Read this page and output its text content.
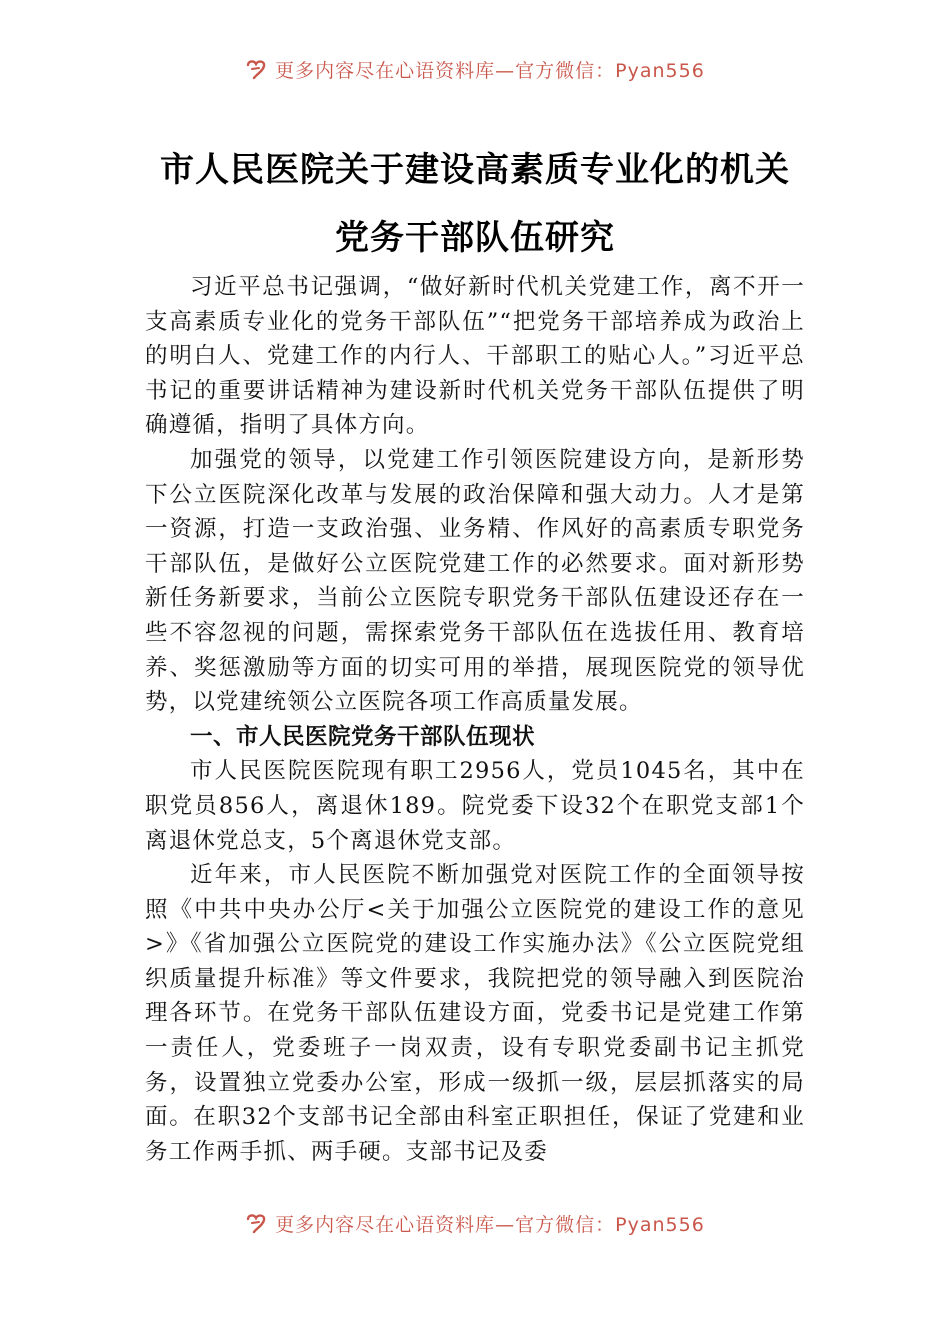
更多内容尽在心语资料库—官方微信：Pyan556
市人民医院关于建设高素质专业化的机关
党务干部队伍研究

习近平总书记强调，“做好新时代机关党建工作，离不开一支高素质专业化的党务干部队伍”“把党务干部培养成为政治上的明白人、党建工作的内行人、干部职工的贴心人。”习近平总书记的重要讲话精神为建设新时代机关党务干部队伍提供了明确遵循，指明了具体方向。

加强党的领导，以党建工作引领医院建设方向，是新形势下公立医院深化改革与发展的政治保障和强大动力。人才是第一资源，打造一支政治强、业务精、作风好的高素质专职党务干部队伍，是做好公立医院党建工作的必然要求。面对新形势新任务新要求，当前公立医院专职党务干部队伍建设还存在一些不容忽视的问题，需探索党务干部队伍在选拔任用、教育培养、奖惩激励等方面的切实可用的举措，展现医院党的领导优势，以党建统领公立医院各项工作高质量发展。

一、市人民医院党务干部队伍现状

市人民医院医院现有职工2956人，党员1045名，其中在职党员856人，离退休189。院党委下设32个在职党支部1个离退休党总支，5个离退休党支部。

近年来，市人民医院不断加强党对医院工作的全面领导按照《中共中央办公厅<关于加强公立医院党的建设工作的意见>》《省加强公立医院党的建设工作实施办法》《公立医院党组织质量提升标准》等文件要求，我院把党的领导融入到医院治理各环节。在党务干部队伍建设方面，党委书记是党建工作第一责任人，党委班子一岗双责，设有专职党委副书记主抓党务，设置独立党委办公室，形成一级抓一级，层层抓落实的局面。在职32个支部书记全部由科室正职担任，保证了党建和业务工作两手抓、两手硬。支部书记及委

更多内容尽在心语资料库—官方微信：Pyan556
